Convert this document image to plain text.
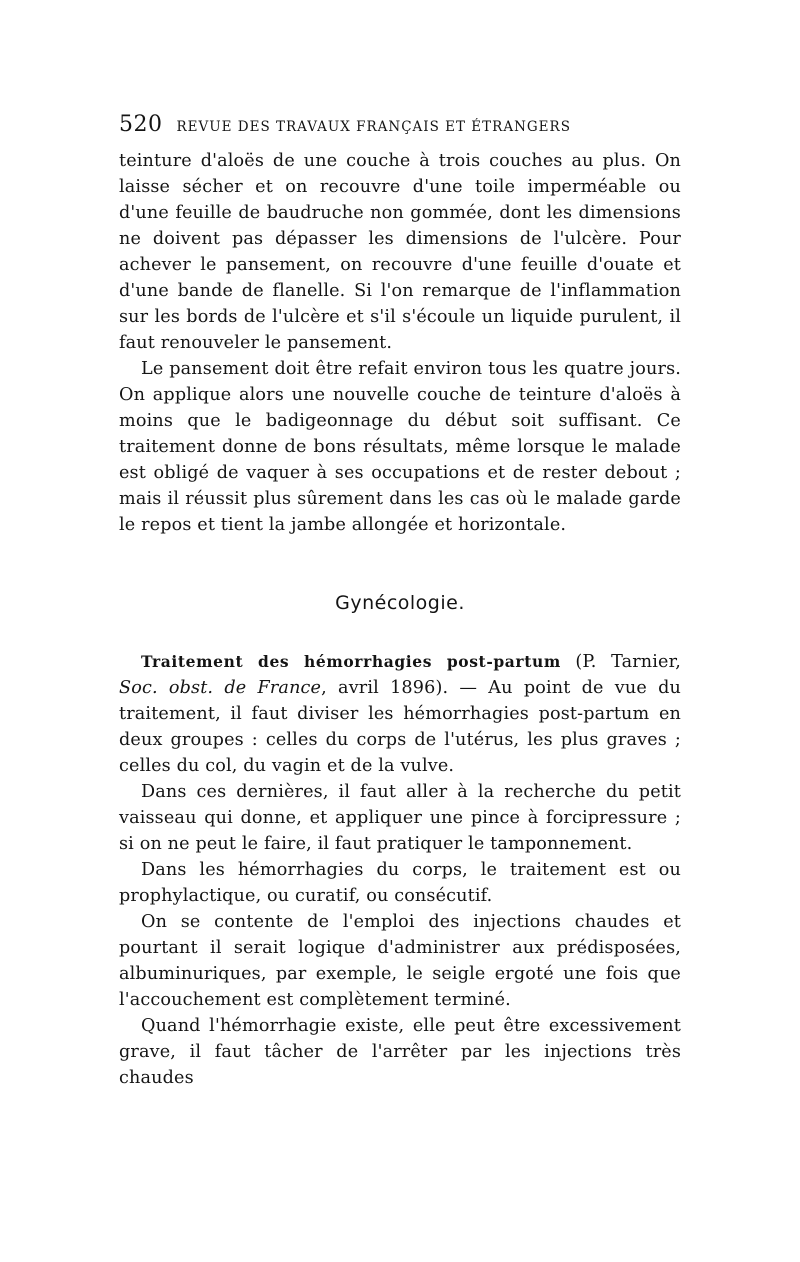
520 REVUE DES TRAVAUX FRANÇAIS ET ÉTRANGERS

teinture d'aloës de une couche à trois couches au plus. On laisse sécher et on recouvre d'une toile imperméable ou d'une feuille de baudruche non gommée, dont les dimensions ne doivent pas dépasser les dimensions de l'ulcère. Pour achever le pansement, on recouvre d'une feuille d'ouate et d'une bande de flanelle. Si l'on remarque de l'inflammation sur les bords de l'ulcère et s'il s'écoule un liquide purulent, il faut renouveler le pansement.

Le pansement doit être refait environ tous les quatre jours. On applique alors une nouvelle couche de teinture d'aloës à moins que le badigeonnage du début soit suffisant. Ce traitement donne de bons résultats, même lorsque le malade est obligé de vaquer à ses occupations et de rester debout ; mais il réussit plus sûrement dans les cas où le malade garde le repos et tient la jambe allongée et horizontale.

Gynécologie.

Traitement des hémorrhagies post-partum (P. Tarnier, Soc. obst. de France, avril 1896). — Au point de vue du traitement, il faut diviser les hémorrhagies post-partum en deux groupes : celles du corps de l'utérus, les plus graves ; celles du col, du vagin et de la vulve.

Dans ces dernières, il faut aller à la recherche du petit vaisseau qui donne, et appliquer une pince à forcipressure ; si on ne peut le faire, il faut pratiquer le tamponnement.

Dans les hémorrhagies du corps, le traitement est ou prophylactique, ou curatif, ou consécutif.

On se contente de l'emploi des injections chaudes et pourtant il serait logique d'administrer aux prédisposées, albuminuriques, par exemple, le seigle ergoté une fois que l'accouchement est complètement terminé.

Quand l'hémorrhagie existe, elle peut être excessivement grave, il faut tâcher de l'arrêter par les injections très chaudes
